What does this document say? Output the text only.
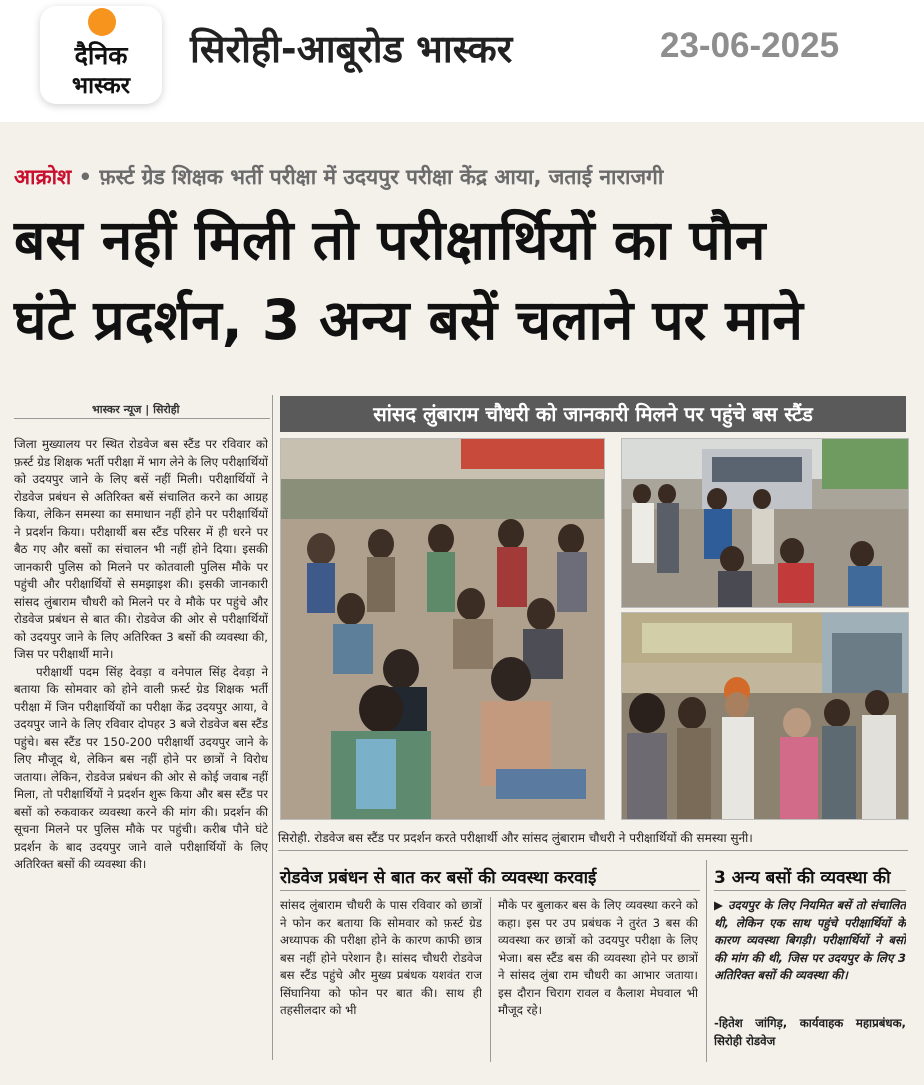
दैनिक
भास्कर
सिरोही-आबूरोड भास्कर	23-06-2025
आक्रोश • फ़र्स्ट ग्रेड शिक्षक भर्ती परीक्षा में उदयपुर परीक्षा केंद्र आया, जताई नाराजगी
बस नहीं मिली तो परीक्षार्थियों का पौन
घंटे प्रदर्शन, 3 अन्य बसें चलाने पर माने
भास्कर न्यूज | सिरोही	सांसद लुंबाराम चौधरी को जानकारी मिलने पर पहुंचे बस स्टैंड

जिला मुख्यालय पर स्थित रोडवेज बस स्टैंड पर रविवार को फ़र्स्ट ग्रेड शिक्षक भर्ती परीक्षा में भाग लेने के लिए परीक्षार्थियों को उदयपुर जाने के लिए बसें नहीं मिली। परीक्षार्थियों ने रोडवेज प्रबंधन से अतिरिक्त बसें संचालित करने का आग्रह किया, लेकिन समस्या का समाधान नहीं होने पर परीक्षार्थियों ने प्रदर्शन किया। परीक्षार्थी बस स्टैंड परिसर में ही धरने पर बैठ गए और बसों का संचालन भी नहीं होने दिया। इसकी जानकारी पुलिस को मिलने पर कोतवाली पुलिस मौके पर पहुंची और परीक्षार्थियों से समझाइश की। इसकी जानकारी सांसद लुंबाराम चौधरी को मिलने पर वे मौके पर पहुंचे और रोडवेज प्रबंधन से बात की। रोडवेज की ओर से परीक्षार्थियों को उदयपुर जाने के लिए अतिरिक्त 3 बसों की व्यवस्था की, जिस पर परीक्षार्थी माने।

परीक्षार्थी पदम सिंह देवड़ा व वनेपाल सिंह देवड़ा ने बताया कि सोमवार को होने वाली फ़र्स्ट ग्रेड शिक्षक भर्ती परीक्षा में जिन परीक्षार्थियों का परीक्षा केंद्र उदयपुर आया, वे उदयपुर जाने के लिए रविवार दोपहर 3 बजे रोडवेज बस स्टैंड पहुंचे। बस स्टैंड पर 150-200 परीक्षार्थी उदयपुर जाने के लिए मौजूद थे, लेकिन बस नहीं होने पर छात्रों ने विरोध जताया। लेकिन, रोडवेज प्रबंधन की ओर से कोई जवाब नहीं मिला, तो परीक्षार्थियों ने प्रदर्शन शुरू किया और बस स्टैंड पर बसों को रुकवाकर व्यवस्था करने की मांग की। प्रदर्शन की सूचना मिलने पर पुलिस मौके पर पहुंची। करीब पौने घंटे प्रदर्शन के बाद उदयपुर जाने वाले परीक्षार्थियों के लिए अतिरिक्त बसों की व्यवस्था की।

सिरोही. रोडवेज बस स्टैंड पर प्रदर्शन करते परीक्षार्थी और सांसद लुंबाराम चौधरी ने परीक्षार्थियों की समस्या सुनी।
रोडवेज प्रबंधन से बात कर बसों की व्यवस्था करवाई

सांसद लुंबाराम चौधरी के पास रविवार को छात्रों ने फोन कर बताया कि सोमवार को फ़र्स्ट ग्रेड अध्यापक की परीक्षा होने के कारण काफी छात्र बस नहीं होने परेशान है। सांसद चौधरी रोडवेज बस स्टैंड पहुंचे और मुख्य प्रबंधक यशवंत राज सिंघानिया को फोन पर बात की। साथ ही तहसीलदार को भी

मौके पर बुलाकर बस के लिए व्यवस्था करने को कहा। इस पर उप प्रबंधक ने तुरंत 3 बस की व्यवस्था कर छात्रों को उदयपुर परीक्षा के लिए भेजा। बस स्टैंड बस की व्यवस्था होने पर छात्रों ने सांसद लुंबा राम चौधरी का आभार जताया। इस दौरान चिराग रावल व कैलाश मेघवाल भी मौजूद रहे।

3 अन्य बसों की व्यवस्था की

▶ उदयपुर के लिए नियमित बसें तो संचालित थी, लेकिन एक साथ पहुंचे परीक्षार्थियों के कारण व्यवस्था बिगड़ी। परीक्षार्थियों ने बसों की मांग की थी, जिस पर उदयपुर के लिए 3 अतिरिक्त बसों की व्यवस्था की।

-हितेश जांगिड़, कार्यवाहक महाप्रबंधक, सिरोही रोडवेज
